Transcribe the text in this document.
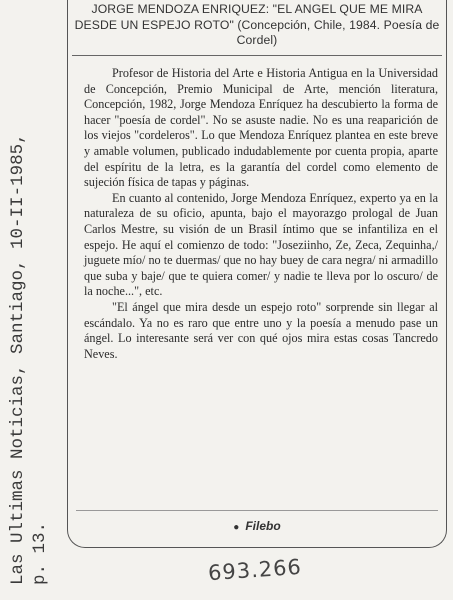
Las Ultimas Noticias, Santiago, 10-II-1985, p. 13.
JORGE MENDOZA ENRIQUEZ: "EL ANGEL QUE ME MIRA DESDE UN ESPEJO ROTO" (Concepción, Chile, 1984. Poesía de Cordel)

Profesor de Historia del Arte e Historia Antigua en la Universidad de Concepción, Premio Municipal de Arte, mención literatura, Concepción, 1982, Jorge Mendoza Enríquez ha descubierto la forma de hacer "poesía de cordel". No se asuste nadie. No es una reaparición de los viejos "cordeleros". Lo que Mendoza Enríquez plantea en este breve y amable volumen, publicado indudablemente por cuenta propia, aparte del espíritu de la letra, es la garantía del cordel como elemento de sujeción física de tapas y páginas.

En cuanto al contenido, Jorge Mendoza Enríquez, experto ya en la naturaleza de su oficio, apunta, bajo el mayorazgo prologal de Juan Carlos Mestre, su visión de un Brasil íntimo que se infantiliza en el espejo. He aquí el comienzo de todo: "Joseziinho, Ze, Zeca, Zequinha,/ juguete mío/ no te duermas/ que no hay buey de cara negra/ ni armadillo que suba y baje/ que te quiera comer/ y nadie te lleva por lo oscuro/ de la noche...", etc.

"El ángel que mira desde un espejo roto" sorprende sin llegar al escándalo. Ya no es raro que entre uno y la poesía a menudo pase un ángel. Lo interesante será ver con qué ojos mira estas cosas Tancredo Neves.

● Filebo
693.266
